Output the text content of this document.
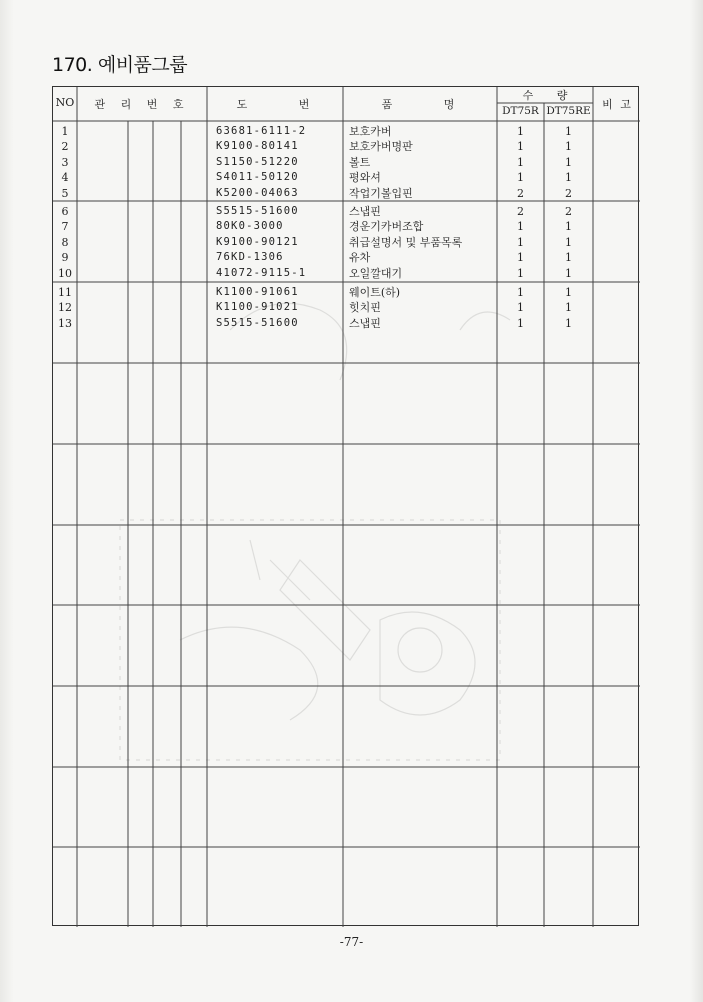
170. 예비품그룹
NO	관 리 번 호	도 번	품 명
수 량
DT75R DT75RE	비 고
1	63681-6111-2	보호카버	1	1
2	K9100-80141	보호카버명판	1	1
3	S1150-51220	볼트	1	1
4	S4011-50120	평와셔	1	1
5	K5200-04063	작업기볼입핀	2	2
6	S5515-51600	스냅핀	2	2
7	80K0-3000	경운기카버조합	1	1
8	K9100-90121	취급설명서 및 부품목록	1	1
9	76KD-1306	유차	1	1
10	41072-9115-1	오일깔대기	1	1
11	K1100-91061	웨이트(하)	1	1
12	K1100-91021	힛치핀	1	1
13	S5515-51600	스냅핀	1	1
-77-
